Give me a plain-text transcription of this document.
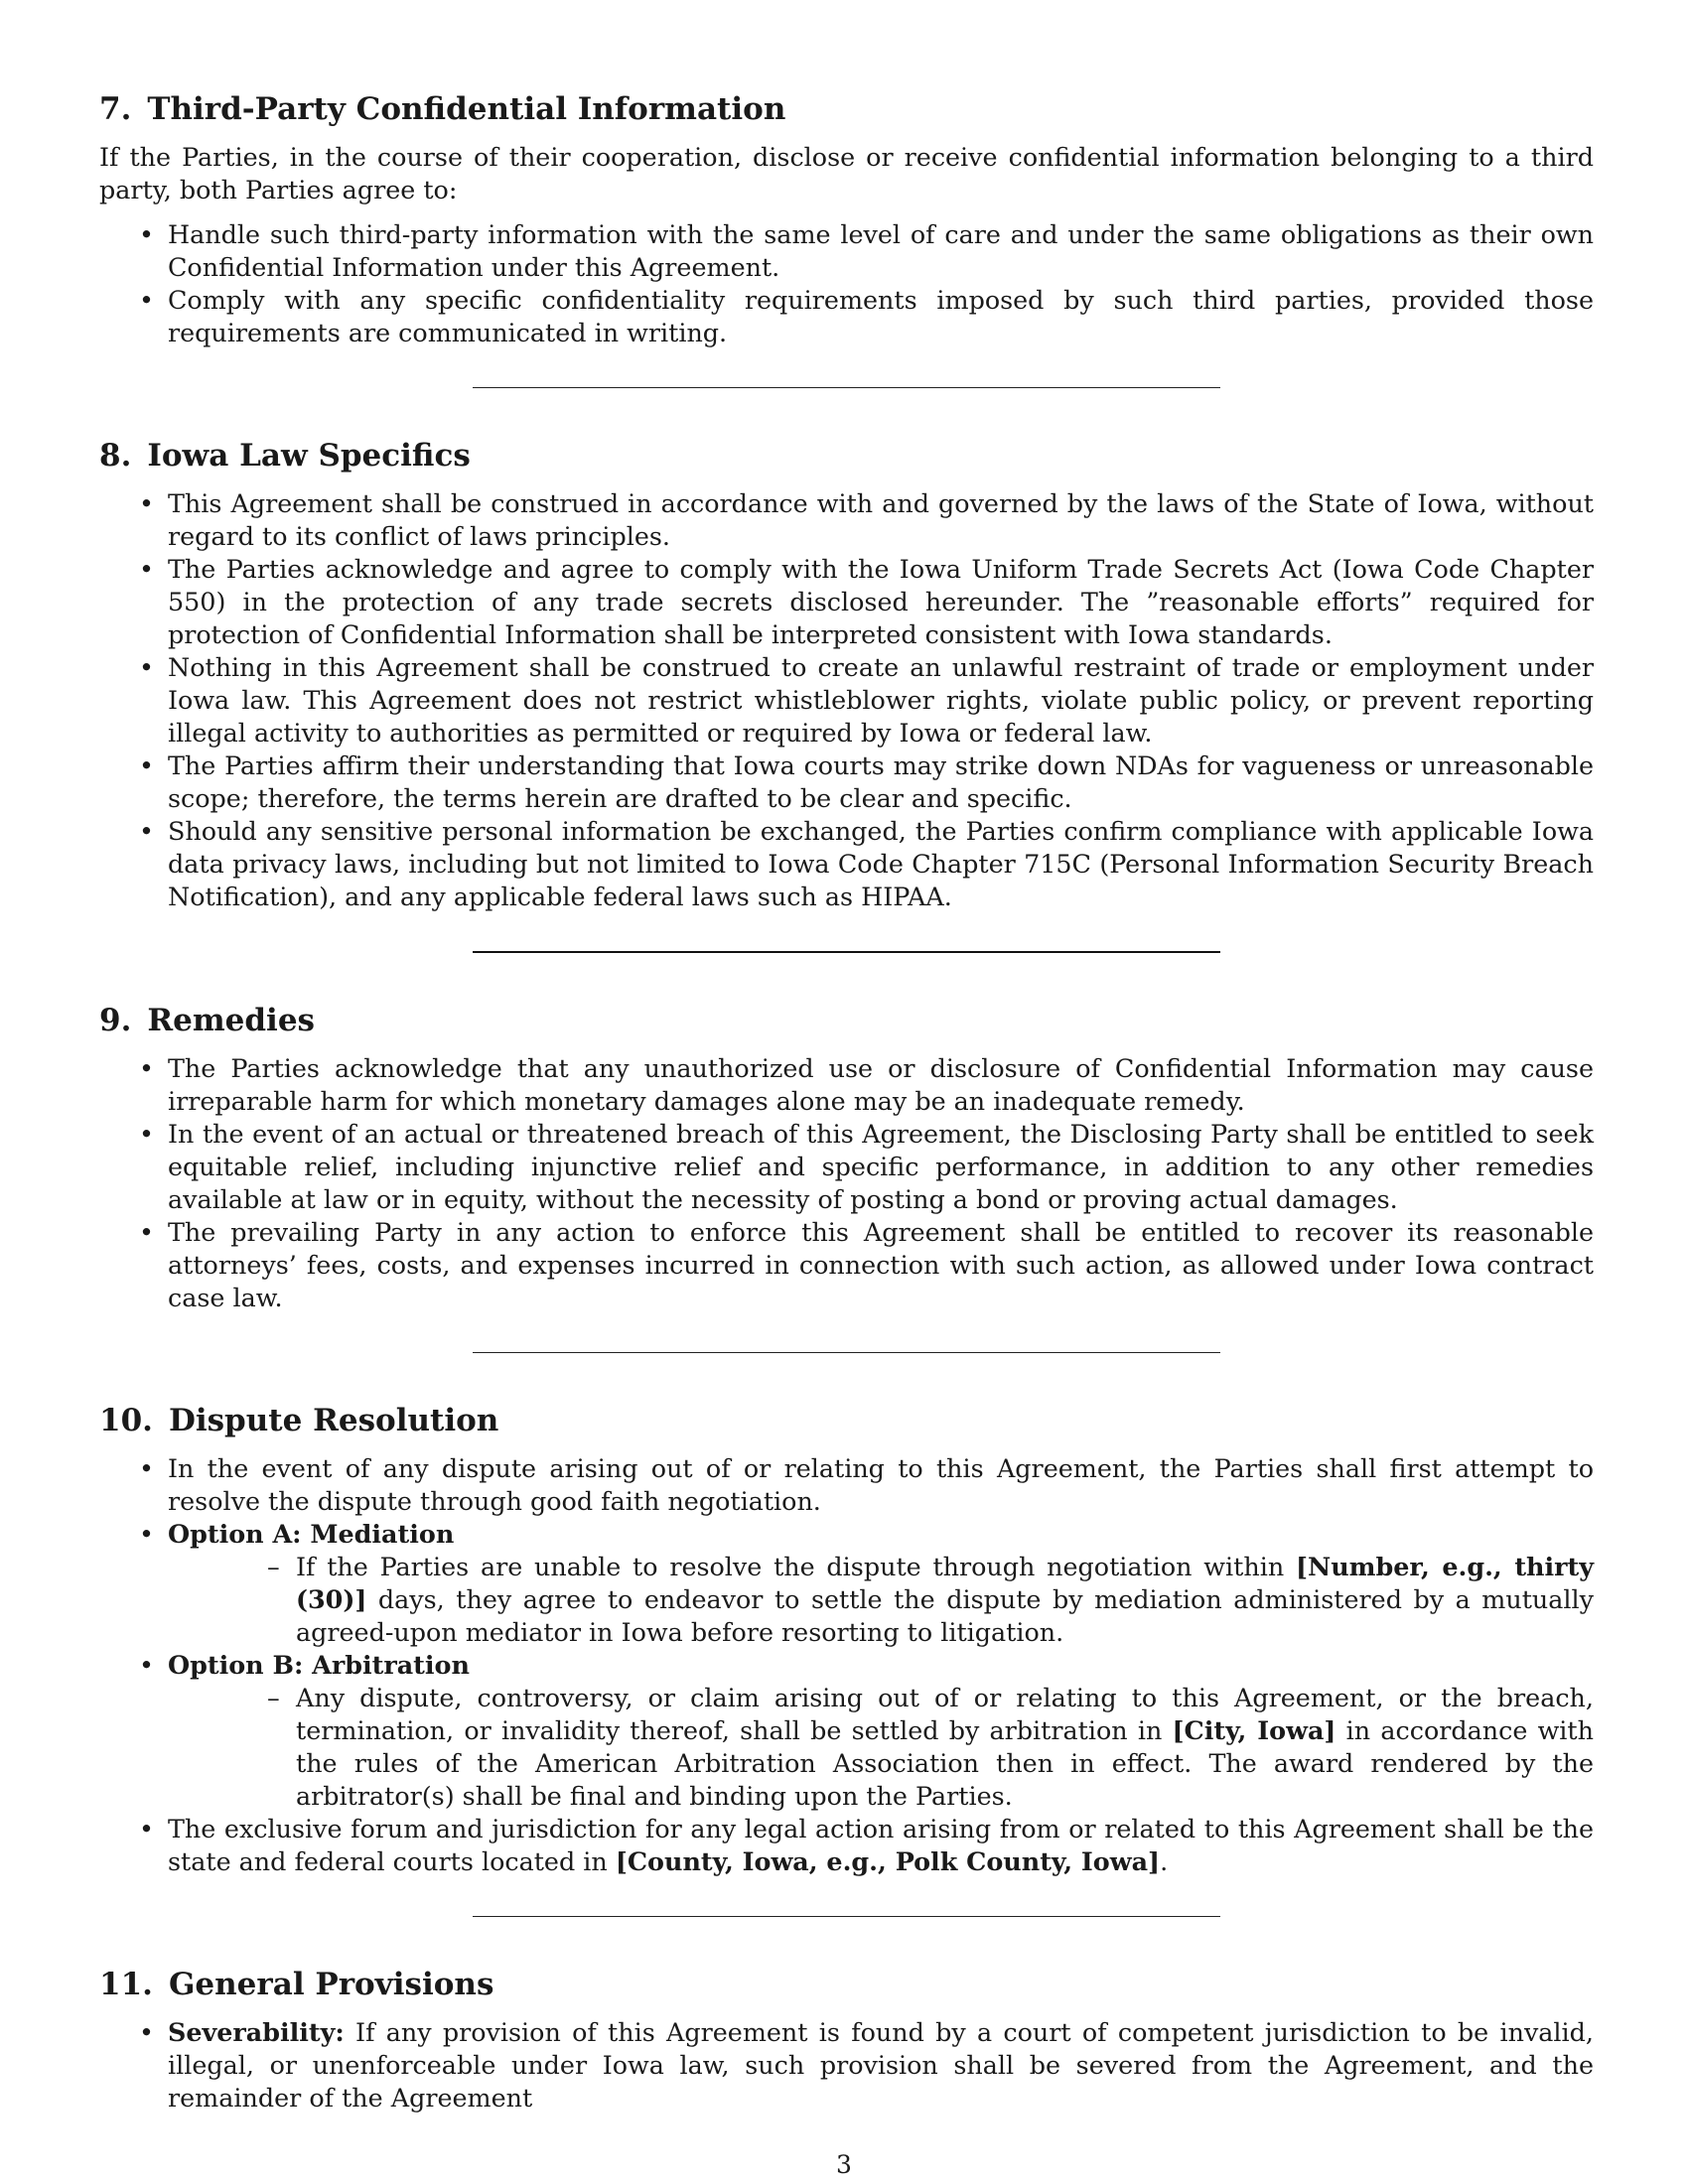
7. Third-Party Confidential Information

If the Parties, in the course of their cooperation, disclose or receive confidential information belonging to a third party, both Parties agree to:

• Handle such third-party information with the same level of care and under the same obligations as their own Confidential Information under this Agreement.
• Comply with any specific confidentiality requirements imposed by such third parties, provided those requirements are communicated in writing.
8. Iowa Law Specifics
• This Agreement shall be construed in accordance with and governed by the laws of the State of Iowa, without regard to its conflict of laws principles.
• The Parties acknowledge and agree to comply with the Iowa Uniform Trade Secrets Act (Iowa Code Chapter 550) in the protection of any trade secrets disclosed hereunder. The ”reasonable efforts” required for protection of Confidential Information shall be interpreted consistent with Iowa standards.
• Nothing in this Agreement shall be construed to create an unlawful restraint of trade or employment under Iowa law. This Agreement does not restrict whistleblower rights, violate public policy, or prevent reporting illegal activity to authorities as permitted or required by Iowa or federal law.
• The Parties affirm their understanding that Iowa courts may strike down NDAs for vagueness or unreasonable scope; therefore, the terms herein are drafted to be clear and specific.
• Should any sensitive personal information be exchanged, the Parties confirm compliance with applicable Iowa data privacy laws, including but not limited to Iowa Code Chapter 715C (Personal Information Security Breach Notification), and any applicable federal laws such as HIPAA.
9. Remedies
• The Parties acknowledge that any unauthorized use or disclosure of Confidential Information may cause irreparable harm for which monetary damages alone may be an inadequate remedy.
• In the event of an actual or threatened breach of this Agreement, the Disclosing Party shall be entitled to seek equitable relief, including injunctive relief and specific performance, in addition to any other remedies available at law or in equity, without the necessity of posting a bond or proving actual damages.
• The prevailing Party in any action to enforce this Agreement shall be entitled to recover its reasonable attorneys’ fees, costs, and expenses incurred in connection with such action, as allowed under Iowa contract case law.
10. Dispute Resolution
• In the event of any dispute arising out of or relating to this Agreement, the Parties shall first attempt to resolve the dispute through good faith negotiation.
• Option A: Mediation
– If the Parties are unable to resolve the dispute through negotiation within [Number, e.g., thirty (30)] days, they agree to endeavor to settle the dispute by mediation administered by a mutually agreed-upon mediator in Iowa before resorting to litigation.
• Option B: Arbitration
– Any dispute, controversy, or claim arising out of or relating to this Agreement, or the breach, termination, or invalidity thereof, shall be settled by arbitration in [City, Iowa] in accordance with the rules of the American Arbitration Association then in effect. The award rendered by the arbitrator(s) shall be final and binding upon the Parties.
• The exclusive forum and jurisdiction for any legal action arising from or related to this Agreement shall be the state and federal courts located in [County, Iowa, e.g., Polk County, Iowa].
11. General Provisions
• Severability: If any provision of this Agreement is found by a court of competent jurisdiction to be invalid, illegal, or unenforceable under Iowa law, such provision shall be severed from the Agreement, and the remainder of the Agreement
3
